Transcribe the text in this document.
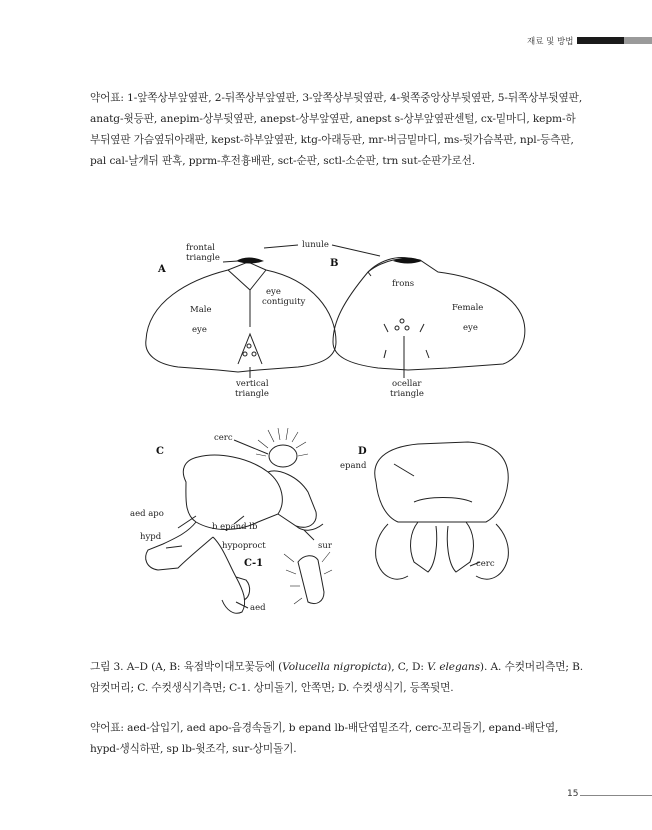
재료 및 방법

약어표: 1-앞쪽상부앞옆판, 2-뒤쪽상부앞옆판, 3-앞쪽상부뒷옆판, 4-윗쪽중앙상부뒷옆판, 5-뒤쪽상부뒷옆판, anatg-윗등판, anepim-상부뒷옆판, anepst-상부앞옆판, anepst s-상부앞옆판센털, cx-밑마디, kepm-하부뒤옆판 가슴옆뒤아래판, kepst-하부앞옆판, ktg-아래등판, mr-버금밑마디, ms-뒷가슴복판, npl-등측판, pal cal-날개뒤 판혹, pprm-후전흉배판, sct-순판, sctl-소순판, trn sut-순판가로선.

A
frontal
triangle
lunule
eye
contiguity
Male
eye
vertical
triangle
B
frons
Female
eye
ocellar
triangle
C
cerc
aed apo
hypd
b epand lb
hypoproct	sur
aed
C-1
D
epand
cerc

그림 3. A–D (A, B: 육점박이대모꽃등에 (Volucella nigropicta), C, D: V. elegans). A. 수컷머리측면; B. 암컷머리; C. 수컷생식기측면; C-1. 상미돌기, 안쪽면; D. 수컷생식기, 등쪽뒷면.

약어표: aed-삽입기, aed apo-음경속돌기, b epand lb-배단엽밑조각, cerc-꼬리돌기, epand-배단엽, hypd-생식하판, sp lb-윗조각, sur-상미돌기.

15
